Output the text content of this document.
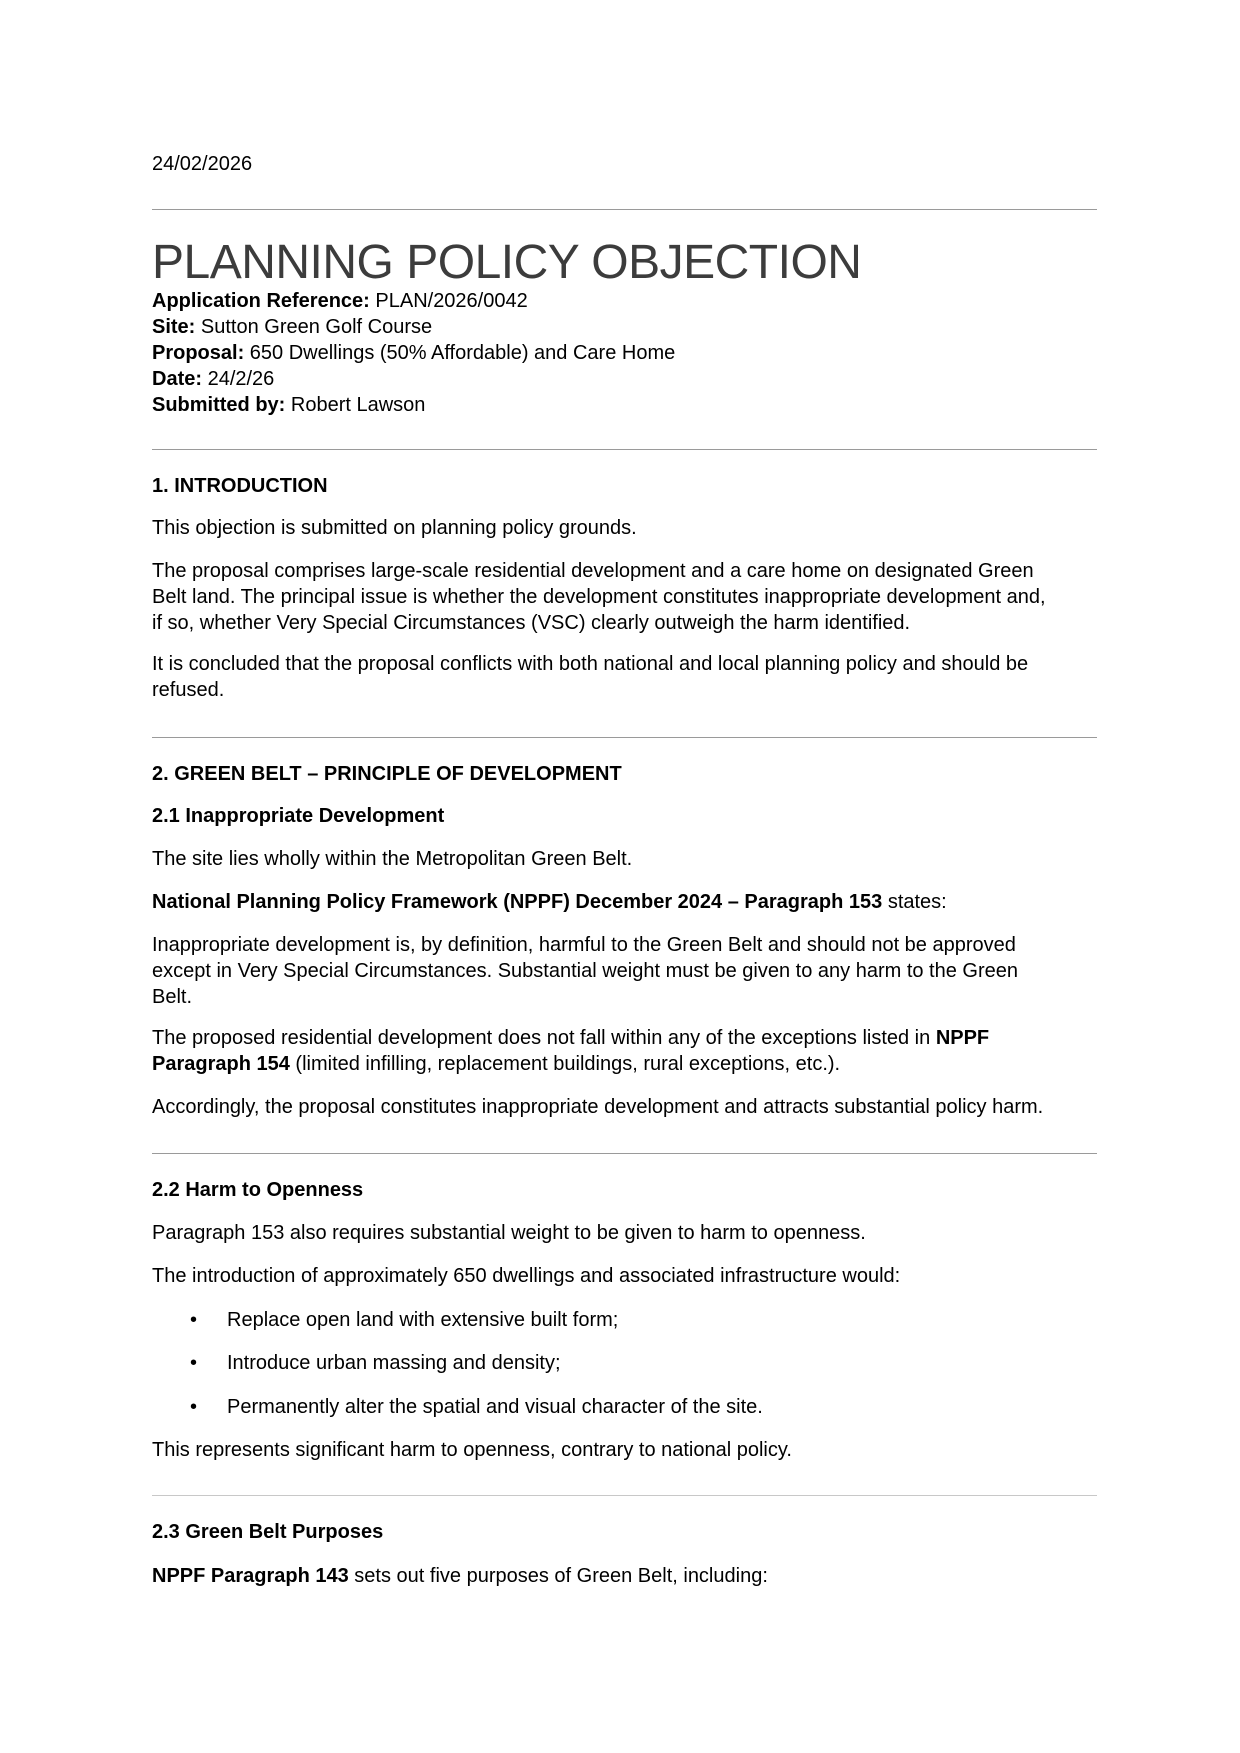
24/02/2026

PLANNING POLICY OBJECTION
Application Reference: PLAN/2026/0042
Site: Sutton Green Golf Course
Proposal: 650 Dwellings (50% Affordable) and Care Home
Date: 24/2/26
Submitted by: Robert Lawson

1. INTRODUCTION

This objection is submitted on planning policy grounds.

The proposal comprises large-scale residential development and a care home on designated Green
Belt land. The principal issue is whether the development constitutes inappropriate development and,
if so, whether Very Special Circumstances (VSC) clearly outweigh the harm identified.
It is concluded that the proposal conflicts with both national and local planning policy and should be
refused.

2. GREEN BELT – PRINCIPLE OF DEVELOPMENT

2.1 Inappropriate Development

The site lies wholly within the Metropolitan Green Belt.

National Planning Policy Framework (NPPF) December 2024 – Paragraph 153 states:

Inappropriate development is, by definition, harmful to the Green Belt and should not be approved
except in Very Special Circumstances. Substantial weight must be given to any harm to the Green
Belt.
The proposed residential development does not fall within any of the exceptions listed in NPPF
Paragraph 154 (limited infilling, replacement buildings, rural exceptions, etc.).

Accordingly, the proposal constitutes inappropriate development and attracts substantial policy harm.

2.2 Harm to Openness

Paragraph 153 also requires substantial weight to be given to harm to openness.

The introduction of approximately 650 dwellings and associated infrastructure would:

• Replace open land with extensive built form;
• Introduce urban massing and density;
• Permanently alter the spatial and visual character of the site.

This represents significant harm to openness, contrary to national policy.

2.3 Green Belt Purposes

NPPF Paragraph 143 sets out five purposes of Green Belt, including:
